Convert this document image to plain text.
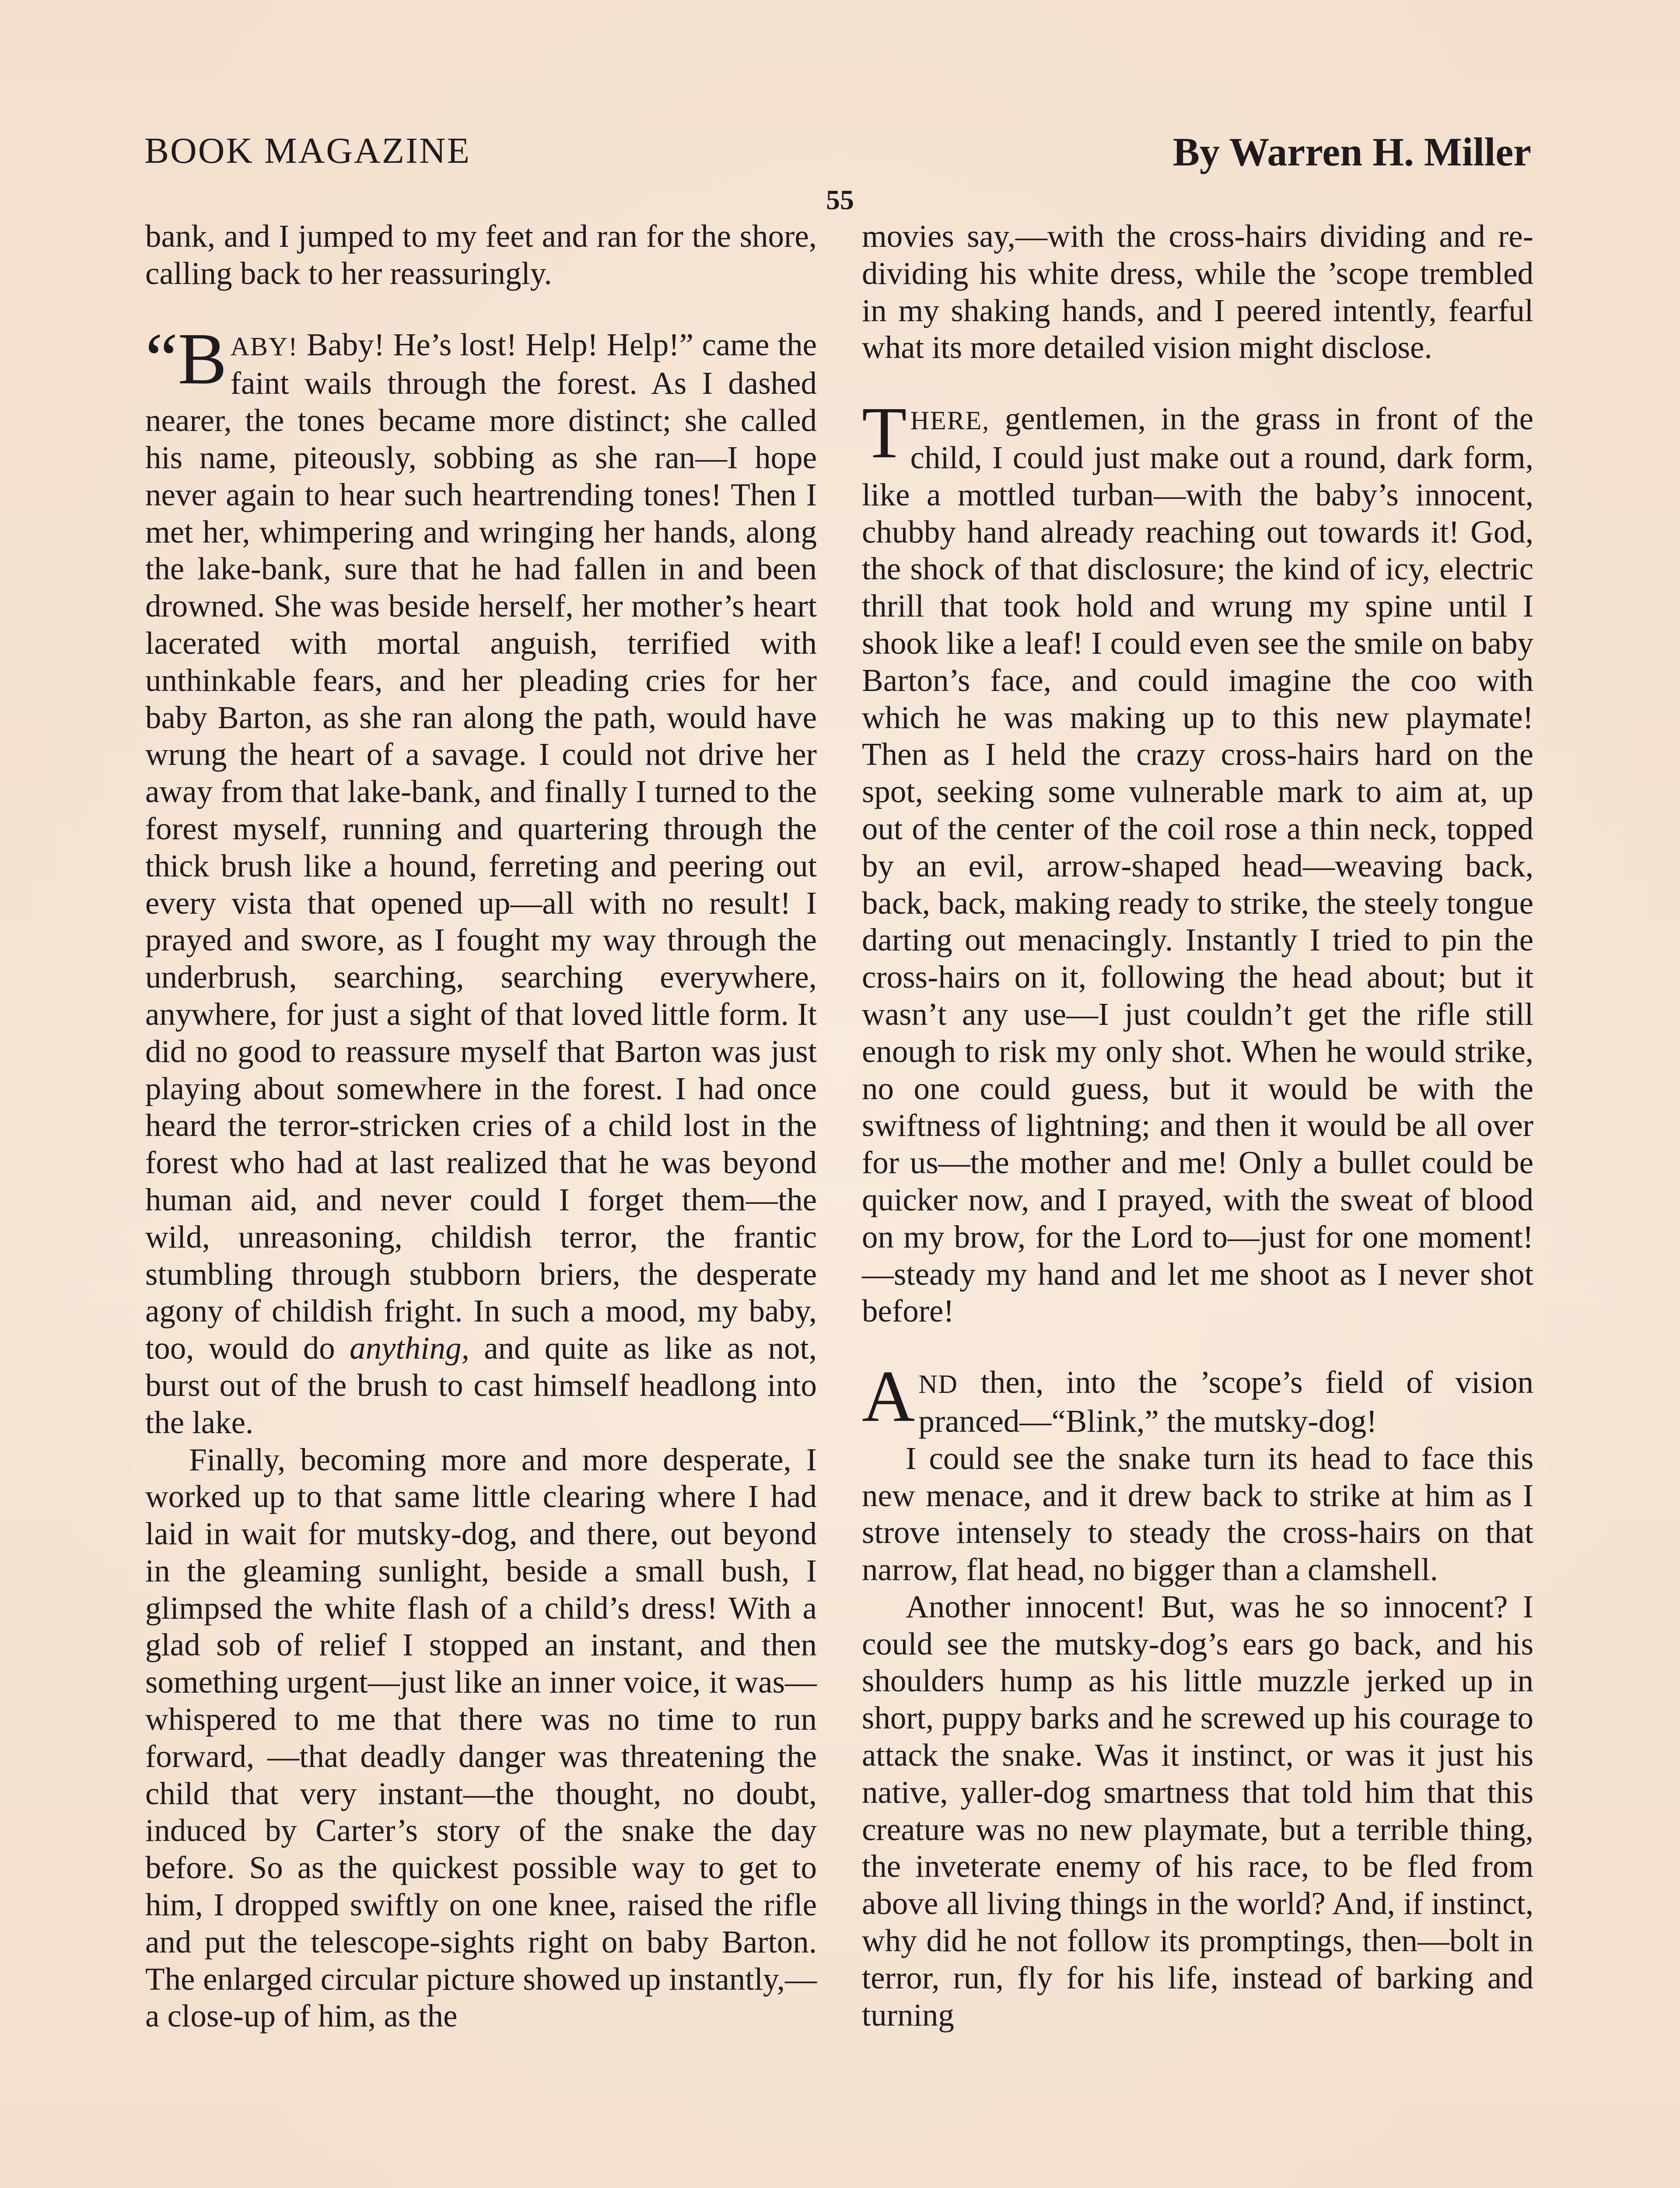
BOOK MAGAZINE	By Warren H. Miller
55

bank, and I jumped to my feet and ran for the shore, calling back to her reassuringly.

“B ABY! Baby! He’s lost! Help! Help!” came the faint wails through the forest. As I dashed nearer, the tones became more distinct; she called his name, piteously, sobbing as she ran—I hope never again to hear such heartrending tones! Then I met her, whimpering and wringing her hands, along the lake-bank, sure that he had fallen in and been drowned. She was beside herself, her mother’s heart lacerated with mortal anguish, terrified with unthinkable fears, and her pleading cries for her baby Barton, as she ran along the path, would have wrung the heart of a savage. I could not drive her away from that lake-bank, and finally I turned to the forest myself, running and quartering through the thick brush like a hound, ferreting and peering out every vista that opened up—all with no result! I prayed and swore, as I fought my way through the underbrush, searching, searching everywhere, anywhere, for just a sight of that loved little form. It did no good to reassure myself that Barton was just playing about somewhere in the forest. I had once heard the terror-stricken cries of a child lost in the forest who had at last realized that he was beyond human aid, and never could I forget them—the wild, unreasoning, childish terror, the frantic stumbling through stubborn briers, the desperate agony of childish fright. In such a mood, my baby, too, would do anything, and quite as like as not, burst out of the brush to cast himself headlong into the lake.

Finally, becoming more and more desperate, I worked up to that same little clearing where I had laid in wait for mutsky-dog, and there, out beyond in the gleaming sunlight, beside a small bush, I glimpsed the white flash of a child’s dress! With a glad sob of relief I stopped an instant, and then something urgent—just like an inner voice, it was—whispered to me that there was no time to run forward, —that deadly danger was threatening the child that very instant—the thought, no doubt, induced by Carter’s story of the snake the day before. So as the quickest possible way to get to him, I dropped swiftly on one knee, raised the rifle and put the telescope-sights right on baby Barton. The enlarged circular picture showed up instantly,—a close-up of him, as the

movies say,—with the cross-hairs dividing and re-dividing his white dress, while the ’scope trembled in my shaking hands, and I peered intently, fearful what its more detailed vision might disclose.

THERE, gentlemen, in the grass in front of the child, I could just make out a round, dark form, like a mottled turban—with the baby’s innocent, chubby hand already reaching out towards it! God, the shock of that disclosure; the kind of icy, electric thrill that took hold and wrung my spine until I shook like a leaf! I could even see the smile on baby Barton’s face, and could imagine the coo with which he was making up to this new playmate! Then as I held the crazy cross-hairs hard on the spot, seeking some vulnerable mark to aim at, up out of the center of the coil rose a thin neck, topped by an evil, arrow-shaped head—weaving back, back, back, making ready to strike, the steely tongue darting out menacingly. Instantly I tried to pin the cross-hairs on it, following the head about; but it wasn’t any use—I just couldn’t get the rifle still enough to risk my only shot. When he would strike, no one could guess, but it would be with the swiftness of lightning; and then it would be all over for us—the mother and me! Only a bullet could be quicker now, and I prayed, with the sweat of blood on my brow, for the Lord to—just for one moment!—steady my hand and let me shoot as I never shot before!

AND then, into the ’scope’s field of vision pranced—“Blink,” the mutsky-dog!

I could see the snake turn its head to face this new menace, and it drew back to strike at him as I strove intensely to steady the cross-hairs on that narrow, flat head, no bigger than a clamshell.

Another innocent! But, was he so innocent? I could see the mutsky-dog’s ears go back, and his shoulders hump as his little muzzle jerked up in short, puppy barks and he screwed up his courage to attack the snake. Was it instinct, or was it just his native, yaller-dog smartness that told him that this creature was no new playmate, but a terrible thing, the inveterate enemy of his race, to be fled from above all living things in the world? And, if instinct, why did he not follow its promptings, then—bolt in terror, run, fly for his life, instead of barking and turning
